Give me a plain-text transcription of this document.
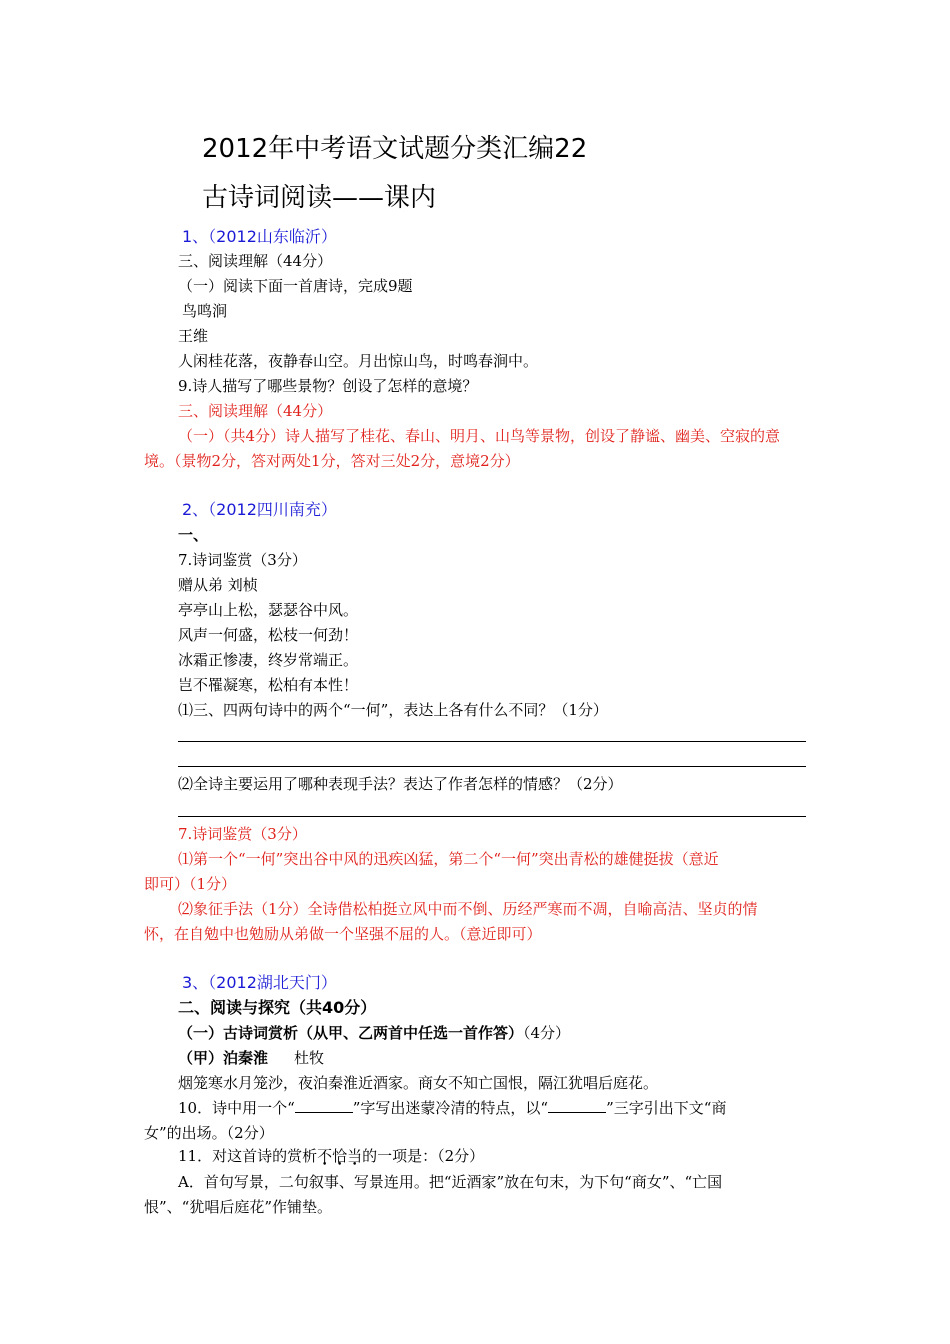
2012年中考语文试题分类汇编22
古诗词阅读——课内
1、（2012山东临沂）
三、阅读理解（44分）
（一）阅读下面一首唐诗，完成9题
鸟鸣涧
王维
人闲桂花落，夜静春山空。月出惊山鸟，时鸣春涧中。
9.诗人描写了哪些景物？创设了怎样的意境？
三、阅读理解（44分）
（一）（共4分）诗人描写了桂花、春山、明月、山鸟等景物，创设了静谧、幽美、空寂的意
境。（景物2分，答对两处1分，答对三处2分，意境2分）
2、（2012四川南充）
一、
7.诗词鉴赏（3分）
赠从弟 刘桢
亭亭山上松，瑟瑟谷中风。
风声一何盛，松枝一何劲！
冰霜正惨凄，终岁常端正。
岂不罹凝寒，松柏有本性！
⑴三、四两句诗中的两个“一何”，表达上各有什么不同？（1分）
⑵全诗主要运用了哪种表现手法？表达了作者怎样的情感？（2分）
7.诗词鉴赏（3分）
⑴第一个“一何”突出谷中风的迅疾凶猛，第二个“一何”突出青松的雄健挺拔（意近
即可）（1分）
⑵象征手法（1分）全诗借松柏挺立风中而不倒、历经严寒而不凋，自喻高洁、坚贞的情
怀，在自勉中也勉励从弟做一个坚强不屈的人。（意近即可）
3、（2012湖北天门）
二、阅读与探究（共40分）
（一）古诗词赏析（从甲、乙两首中任选一首作答）（4分）
（甲）泊秦淮 杜牧
烟笼寒水月笼沙，夜泊秦淮近酒家。商女不知亡国恨，隔江犹唱后庭花。
10．诗中用一个“	”字写出迷蒙冷清的特点，以“	”三字引出下文“商
女”的出场。（2分）
11．对这首诗的赏析不恰当的一项是：（2分）
A．首句写景，二句叙事、写景连用。把“近酒家”放在句末，为下句“商女”、“亡国
恨”、“犹唱后庭花”作铺垫。
